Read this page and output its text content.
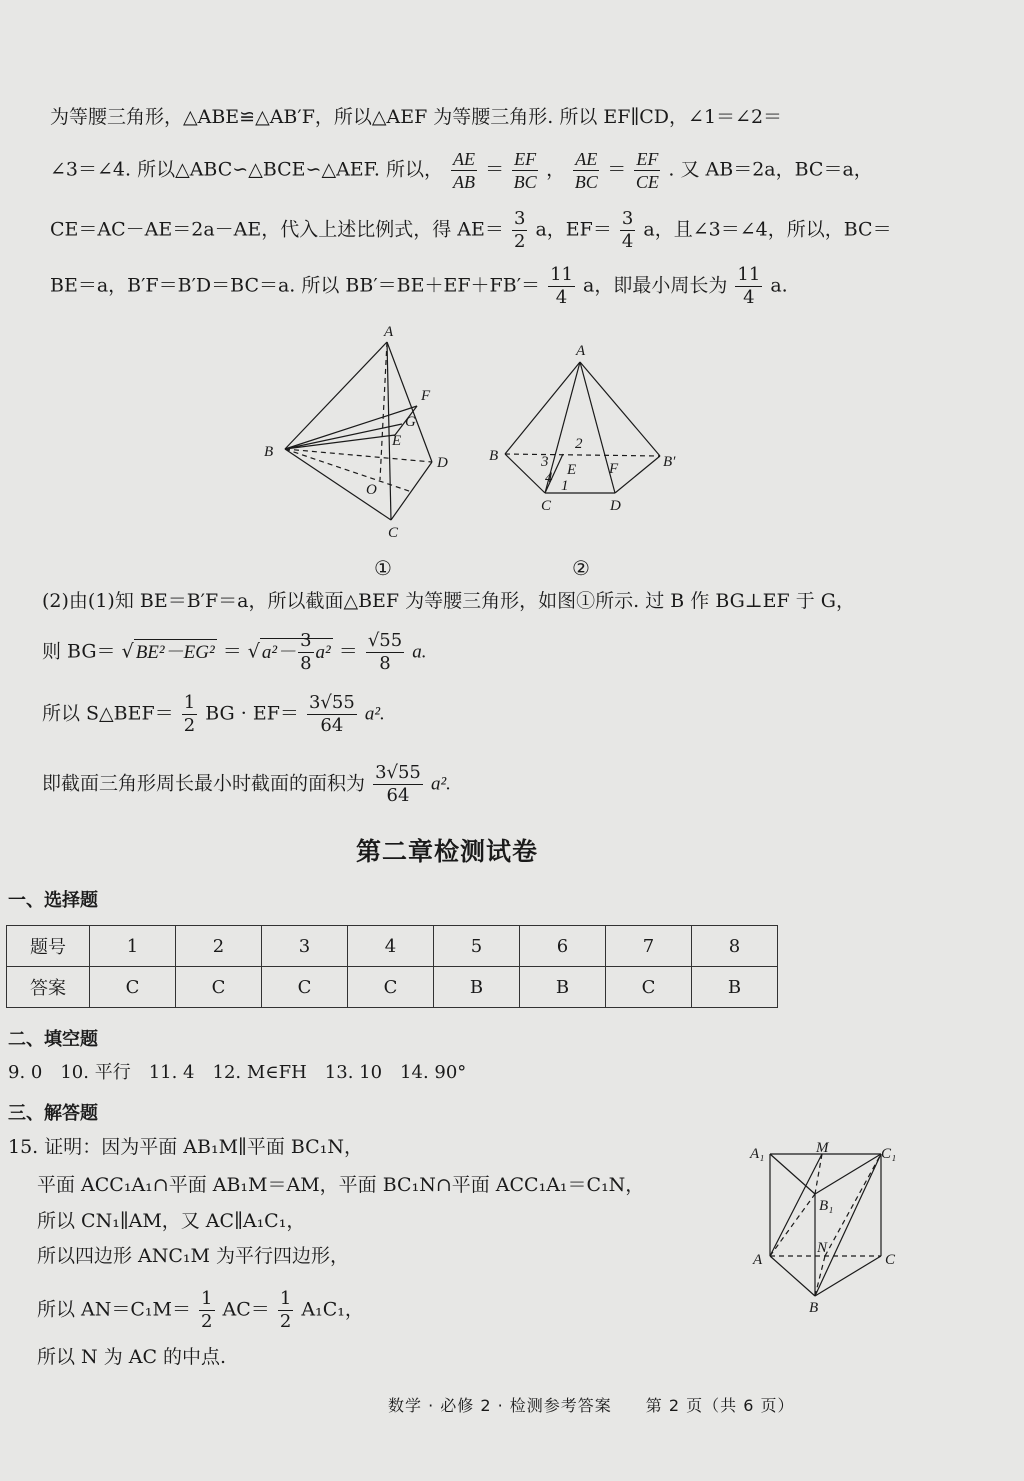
为等腰三角形，△ABE≌△AB′F，所以△AEF 为等腰三角形. 所以 EF∥CD，∠1＝∠2＝
∠3＝∠4. 所以△ABC∽△BCE∽△AEF. 所以， $\frac{AE}{AB} = \frac{EF}{BC}$ ， $\frac{AE}{BC} = \frac{EF}{CE}$ . 又 AB＝2a，BC＝a，
CE＝AC－AE＝2a－AE，代入上述比例式，得 $AE= \frac{3}{2}$ a，$EF= \frac{3}{4}$ a，且∠3＝∠4，所以，BC＝
BE＝a，B′F＝B′D＝BC＝a. 所以 $BB'=BE+EF+FB'= \frac{11}{4}$ a，即最小周长为 $\frac{11}{4} a$.
A
B
C
D
E
F
G
O
①
A
B	B′
C	D
E F
2
3
4 1
②
(2)由(1)知 BE＝B′F＝a，所以截面△BEF 为等腰三角形，如图①所示. 过 B 作 BG⊥EF 于 G，
则 BG＝ √ BE²－EG² ＝ √ $a^2- \frac{3}{8} a^2 = \frac{√55}{8} a$.
所以 S△BEF＝ $\frac{1}{2}$ BG · $EF= \frac{3√55}{64} a^2$.
即截面三角形周长最小时截面的面积为 $\frac{3√55}{64} a^2$.
第二章检测试卷
一、选择题
题号	1	2	3	4	5	6	7	8
答案	C	C	C	C	B	B	C	B
二、填空题
9. 0　10. 平行　11. 4　12. M∈FH　13. 10　14. 90°
三、解答题
15. 证明：因为平面 AB₁M∥平面 BC₁N，
平面 ACC₁A₁∩平面 AB₁M＝AM，平面 BC₁N∩平面 ACC₁A₁＝C₁N，
所以 CN₁∥AM，又 AC∥A₁C₁，
所以四边形 ANC₁M 为平行四边形，
所以 $AN=C_1M= \frac{1}{2} AC= \frac{1}{2} A_1C_1$，
所以 N 为 AC 的中点.
A₁	M	C₁
B₁
N
A	C
B
数学 · 必修 2 · 检测参考答案　　第 2 页（共 6 页）
